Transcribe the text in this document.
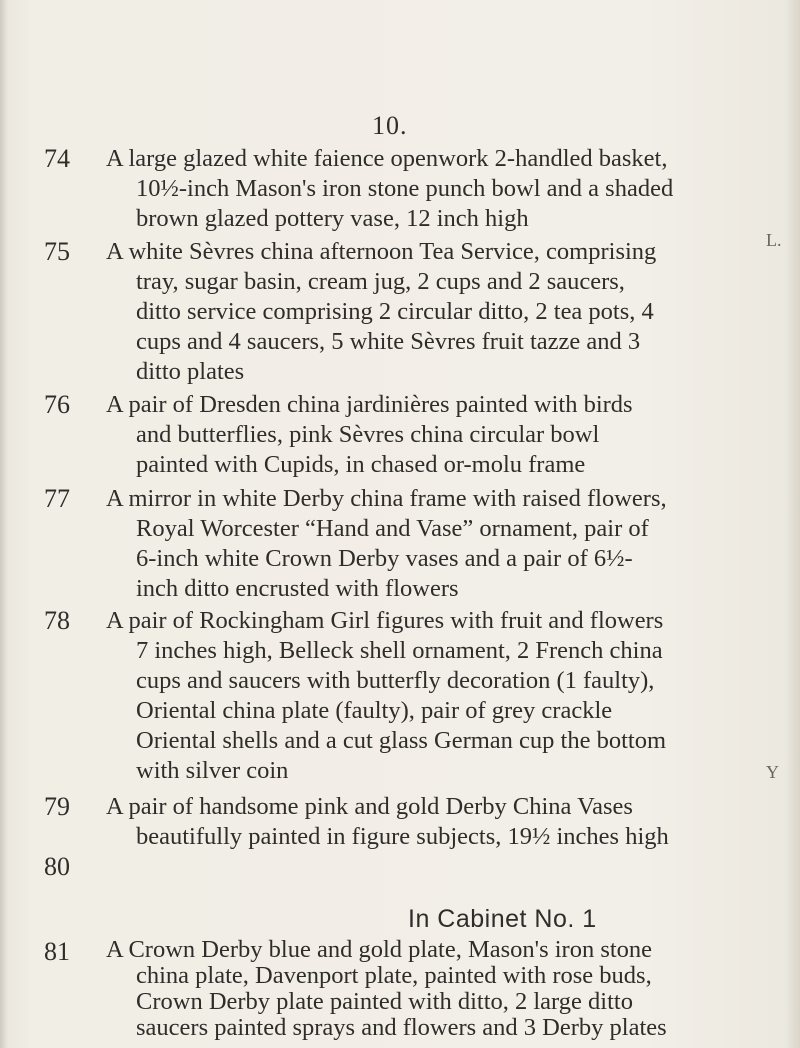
10.
74	A large glazed white faience openwork 2-handled basket,
10½-inch Mason's iron stone punch bowl and a shaded
brown glazed pottery vase, 12 inch high
75	A white Sèvres china afternoon Tea Service, comprising
tray, sugar basin, cream jug, 2 cups and 2 saucers,
ditto service comprising 2 circular ditto, 2 tea pots, 4
cups and 4 saucers, 5 white Sèvres fruit tazze and 3
ditto plates
76	A pair of Dresden china jardinières painted with birds
and butterflies, pink Sèvres china circular bowl
painted with Cupids, in chased or-molu frame
77	A mirror in white Derby china frame with raised flowers,
Royal Worcester “Hand and Vase” ornament, pair of
6-inch white Crown Derby vases and a pair of 6½-
inch ditto encrusted with flowers
78	A pair of Rockingham Girl figures with fruit and flowers
7 inches high, Belleck shell ornament, 2 French china
cups and saucers with butterfly decoration (1 faulty),
Oriental china plate (faulty), pair of grey crackle
Oriental shells and a cut glass German cup the bottom
with silver coin
79	A pair of handsome pink and gold Derby China Vases
beautifully painted in figure subjects, 19½ inches high
80
In Cabinet No. 1
81	A Crown Derby blue and gold plate, Mason's iron stone
china plate, Davenport plate, painted with rose buds,
Crown Derby plate painted with ditto, 2 large ditto
saucers painted sprays and flowers and 3 Derby plates
L.
Y
